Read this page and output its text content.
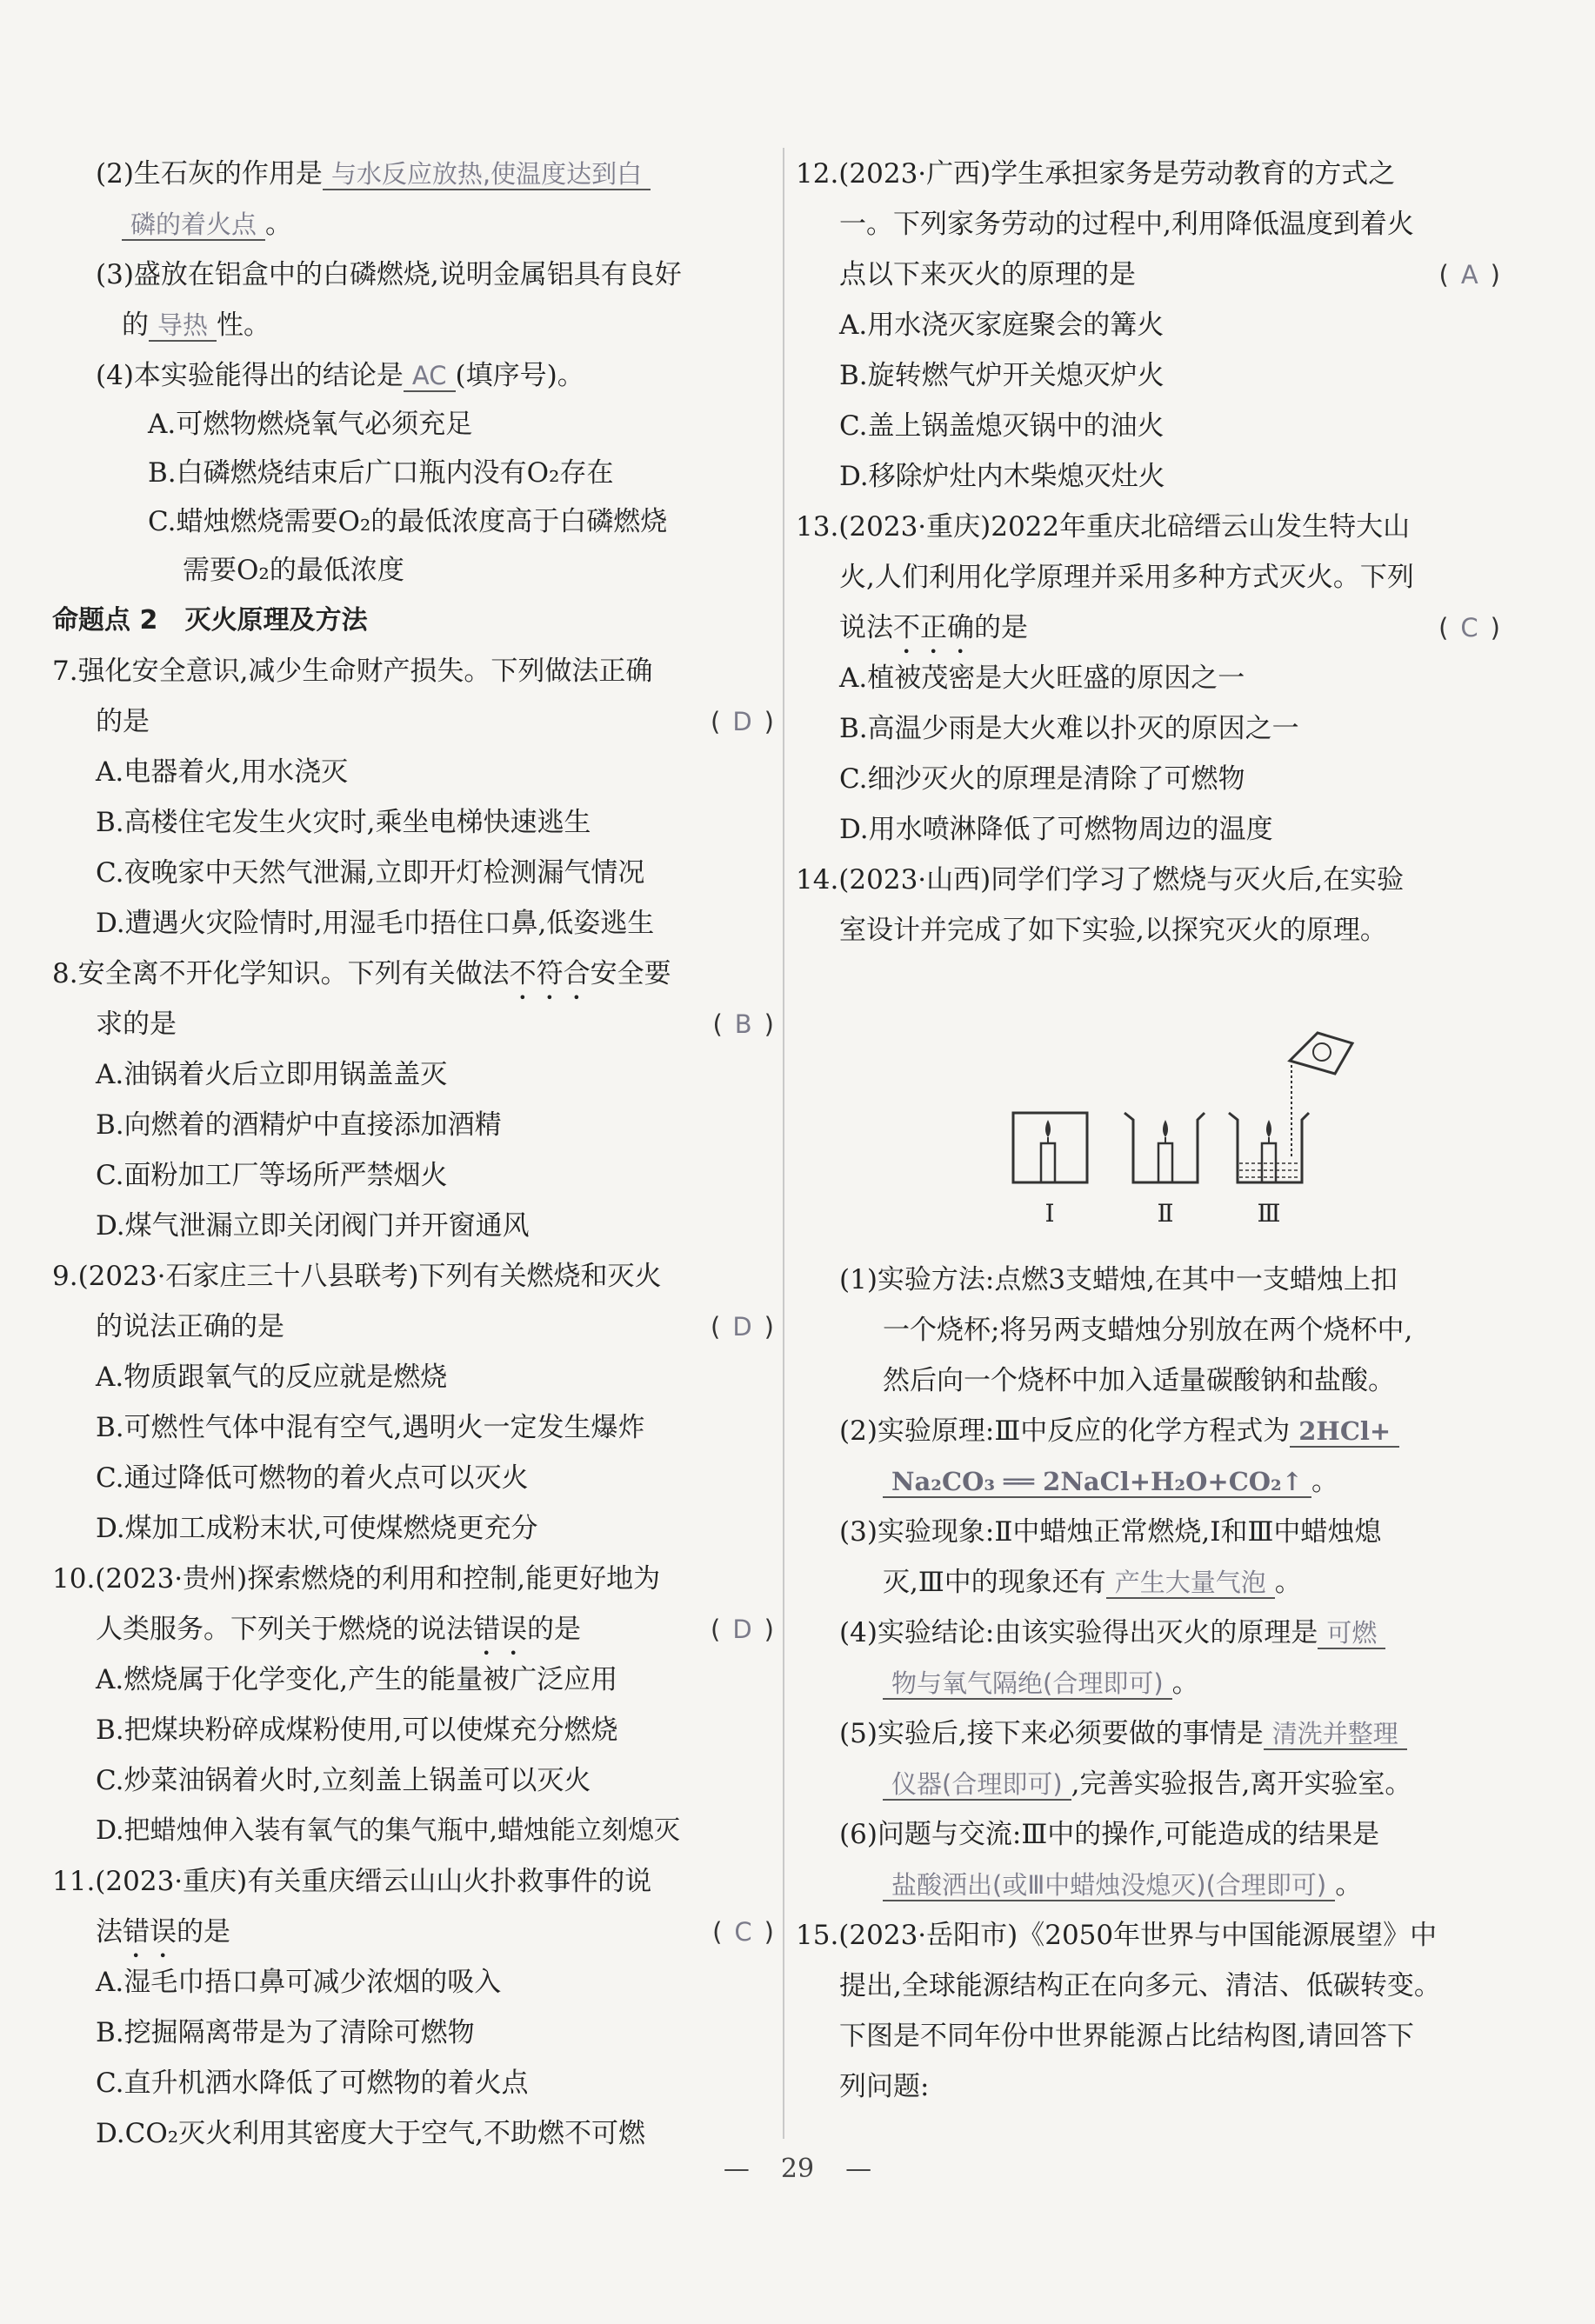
(2)生石灰的作用是 与水反应放热,使温度达到白
磷的着火点 。
(3)盛放在铝盒中的白磷燃烧,说明金属铝具有良好
的 导热 性。
(4)本实验能得出的结论是 AC (填序号)。
A.可燃物燃烧氧气必须充足
B.白磷燃烧结束后广口瓶内没有O₂存在
C.蜡烛燃烧需要O₂的最低浓度高于白磷燃烧
需要O₂的最低浓度
命题点 2 灭火原理及方法
7.强化安全意识,减少生命财产损失。下列做法正确
的是	( D )
A.电器着火,用水浇灭
B.高楼住宅发生火灾时,乘坐电梯快速逃生
C.夜晚家中天然气泄漏,立即开灯检测漏气情况
D.遭遇火灾险情时,用湿毛巾捂住口鼻,低姿逃生
8.安全离不开化学知识。下列有关做法不符合安全要
求的是	( B )
A.油锅着火后立即用锅盖盖灭
B.向燃着的酒精炉中直接添加酒精
C.面粉加工厂等场所严禁烟火
D.煤气泄漏立即关闭阀门并开窗通风
9.(2023·石家庄三十八县联考)下列有关燃烧和灭火
的说法正确的是	( D )
A.物质跟氧气的反应就是燃烧
B.可燃性气体中混有空气,遇明火一定发生爆炸
C.通过降低可燃物的着火点可以灭火
D.煤加工成粉末状,可使煤燃烧更充分
10.(2023·贵州)探索燃烧的利用和控制,能更好地为
人类服务。下列关于燃烧的说法错误的是	( D )
A.燃烧属于化学变化,产生的能量被广泛应用
B.把煤块粉碎成煤粉使用,可以使煤充分燃烧
C.炒菜油锅着火时,立刻盖上锅盖可以灭火
D.把蜡烛伸入装有氧气的集气瓶中,蜡烛能立刻熄灭
11.(2023·重庆)有关重庆缙云山山火扑救事件的说
法错误的是	( C )
A.湿毛巾捂口鼻可减少浓烟的吸入
B.挖掘隔离带是为了清除可燃物
C.直升机洒水降低了可燃物的着火点
D.CO₂灭火利用其密度大于空气,不助燃不可燃
12.(2023·广西)学生承担家务是劳动教育的方式之
一。下列家务劳动的过程中,利用降低温度到着火
点以下来灭火的原理的是	( A )
A.用水浇灭家庭聚会的篝火
B.旋转燃气炉开关熄灭炉火
C.盖上锅盖熄灭锅中的油火
D.移除炉灶内木柴熄灭灶火
13.(2023·重庆)2022年重庆北碚缙云山发生特大山
火,人们利用化学原理并采用多种方式灭火。下列
说法不正确的是	( C )
A.植被茂密是大火旺盛的原因之一
B.高温少雨是大火难以扑灭的原因之一
C.细沙灭火的原理是清除了可燃物
D.用水喷淋降低了可燃物周边的温度
14.(2023·山西)同学们学习了燃烧与灭火后,在实验
室设计并完成了如下实验,以探究灭火的原理。
Ⅰ	Ⅱ	Ⅲ
(1)实验方法:点燃3支蜡烛,在其中一支蜡烛上扣
一个烧杯;将另两支蜡烛分别放在两个烧杯中,
然后向一个烧杯中加入适量碳酸钠和盐酸。
(2)实验原理:Ⅲ中反应的化学方程式为 2HCl+
Na₂CO₃ ══ 2NaCl+H₂O+CO₂↑ 。
(3)实验现象:Ⅱ中蜡烛正常燃烧,Ⅰ和Ⅲ中蜡烛熄
灭,Ⅲ中的现象还有 产生大量气泡 。
(4)实验结论:由该实验得出灭火的原理是 可燃
物与氧气隔绝(合理即可) 。
(5)实验后,接下来必须要做的事情是 清洗并整理
仪器(合理即可) ,完善实验报告,离开实验室。
(6)问题与交流:Ⅲ中的操作,可能造成的结果是
盐酸洒出(或Ⅲ中蜡烛没熄灭)(合理即可) 。
15.(2023·岳阳市)《2050年世界与中国能源展望》中
提出,全球能源结构正在向多元、清洁、低碳转变。
下图是不同年份中世界能源占比结构图,请回答下
列问题:
— 29 —
